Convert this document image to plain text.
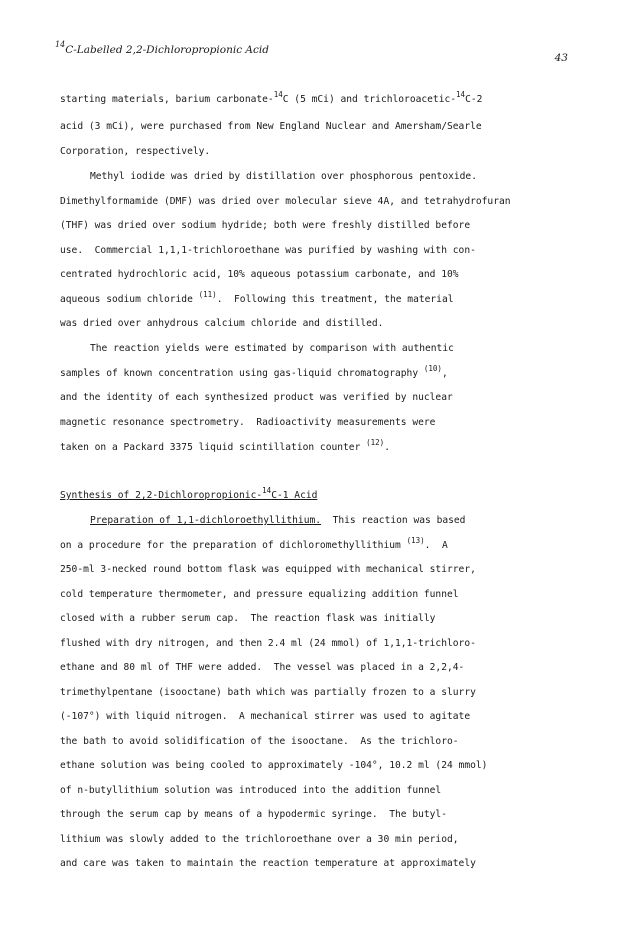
$^{14}$C-Labelled 2,2-Dichloropropionic Acid
43
starting materials, barium carbonate-$^{14}$C (5 mCi) and trichloroacetic-$^{14}$C-2
acid (3 mCi), were purchased from New England Nuclear and Amersham/Searle
Corporation, respectively.
Methyl iodide was dried by distillation over phosphorous pentoxide.
Dimethylformamide (DMF) was dried over molecular sieve 4A, and tetrahydrofuran
(THF) was dried over sodium hydride; both were freshly distilled before
use.  Commercial 1,1,1-trichloroethane was purified by washing with con-
centrated hydrochloric acid, 10% aqueous potassium carbonate, and 10%
aqueous sodium chloride $^{(11)}$.  Following this treatment, the material
was dried over anhydrous calcium chloride and distilled.
The reaction yields were estimated by comparison with authentic
samples of known concentration using gas-liquid chromatography $^{(10)}$,
and the identity of each synthesized product was verified by nuclear
magnetic resonance spectrometry.  Radioactivity measurements were
taken on a Packard 3375 liquid scintillation counter $^{(12)}$.
Synthesis of 2,2-Dichloropropionic-$^{14}$C-1 Acid
Preparation of 1,1-dichloroethyllithium.  This reaction was based
on a procedure for the preparation of dichloromethyllithium $^{(13)}$.  A
250-ml 3-necked round bottom flask was equipped with mechanical stirrer,
cold temperature thermometer, and pressure equalizing addition funnel
closed with a rubber serum cap.  The reaction flask was initially
flushed with dry nitrogen, and then 2.4 ml (24 mmol) of 1,1,1-trichloro-
ethane and 80 ml of THF were added.  The vessel was placed in a 2,2,4-
trimethylpentane (isooctane) bath which was partially frozen to a slurry
(-107°) with liquid nitrogen.  A mechanical stirrer was used to agitate
the bath to avoid solidification of the isooctane.  As the trichloro-
ethane solution was being cooled to approximately -104°, 10.2 ml (24 mmol)
of n-butyllithium solution was introduced into the addition funnel
through the serum cap by means of a hypodermic syringe.  The butyl-
lithium was slowly added to the trichloroethane over a 30 min period,
and care was taken to maintain the reaction temperature at approximately
